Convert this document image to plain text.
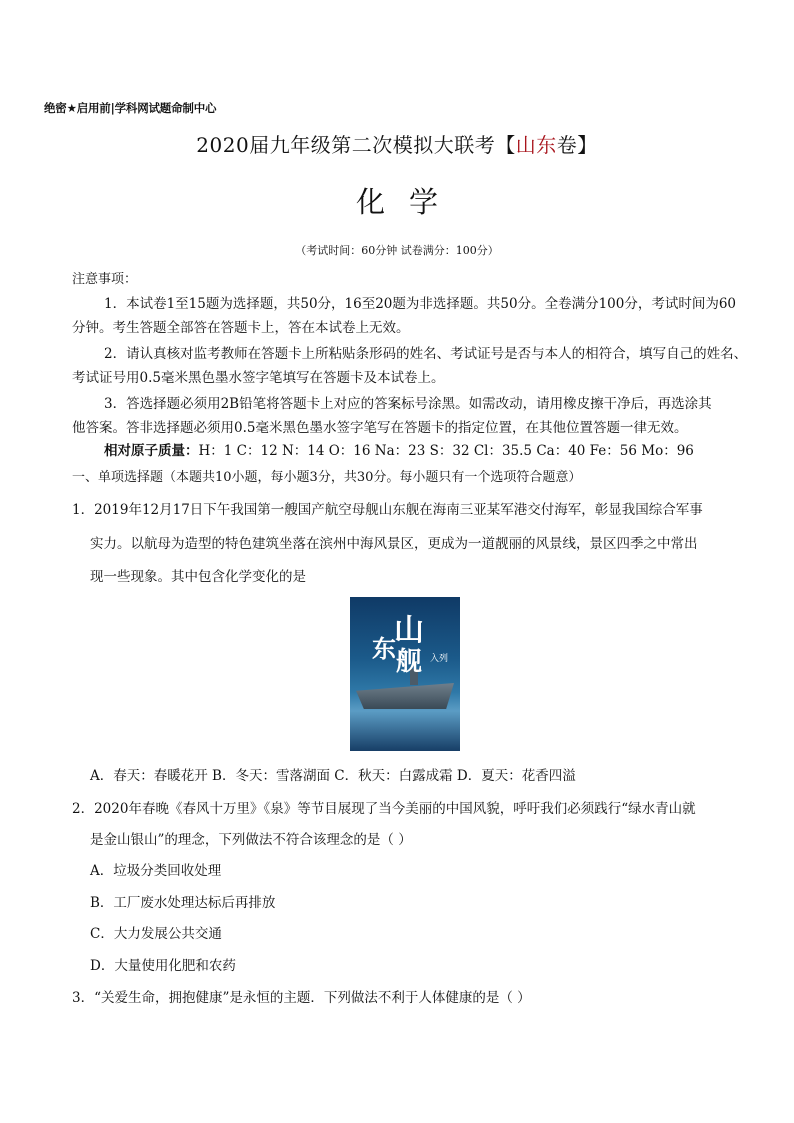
绝密★启用前|学科网试题命制中心
2020届九年级第二次模拟大联考【山东卷】
化学
（考试时间：60分钟 试卷满分：100分）
注意事项：
1．本试卷1至15题为选择题，共50分，16至20题为非选择题。共50分。全卷满分100分，考试时间为60
分钟。考生答题全部答在答题卡上，答在本试卷上无效。
2．请认真核对监考教师在答题卡上所粘贴条形码的姓名、考试证号是否与本人的相符合，填写自己的姓名、
考试证号用0.5毫米黑色墨水签字笔填写在答题卡及本试卷上。
3．答选择题必须用2B铅笔将答题卡上对应的答案标号涂黑。如需改动，请用橡皮擦干净后，再选涂其
他答案。答非选择题必须用0.5毫米黑色墨水签字笔写在答题卡的指定位置，在其他位置答题一律无效。
相对原子质量：H：1 C：12 N：14 O：16 Na：23 S：32 Cl：35.5 Ca：40 Fe：56 Mo：96
一、单项选择题（本题共10小题，每小题3分，共30分。每小题只有一个选项符合题意）
1．2019年12月17日下午我国第一艘国产航空母舰山东舰在海南三亚某军港交付海军，彰显我国综合军事
实力。以航母为造型的特色建筑坐落在滨州中海风景区，更成为一道靓丽的风景线，景区四季之中常出
现一些现象。其中包含化学变化的是
山
东 舰 入列
A．春天：春暖花开 B．冬天：雪落湖面 C．秋天：白露成霜 D．夏天：花香四溢
2．2020年春晚《春风十万里》《泉》等节目展现了当今美丽的中国风貌，呼吁我们必须践行“绿水青山就
是金山银山”的理念，下列做法不符合该理念的是（ ）
A．垃圾分类回收处理
B．工厂废水处理达标后再排放
C．大力发展公共交通
D．大量使用化肥和农药
3．“关爱生命，拥抱健康”是永恒的主题．下列做法不利于人体健康的是（ ）
